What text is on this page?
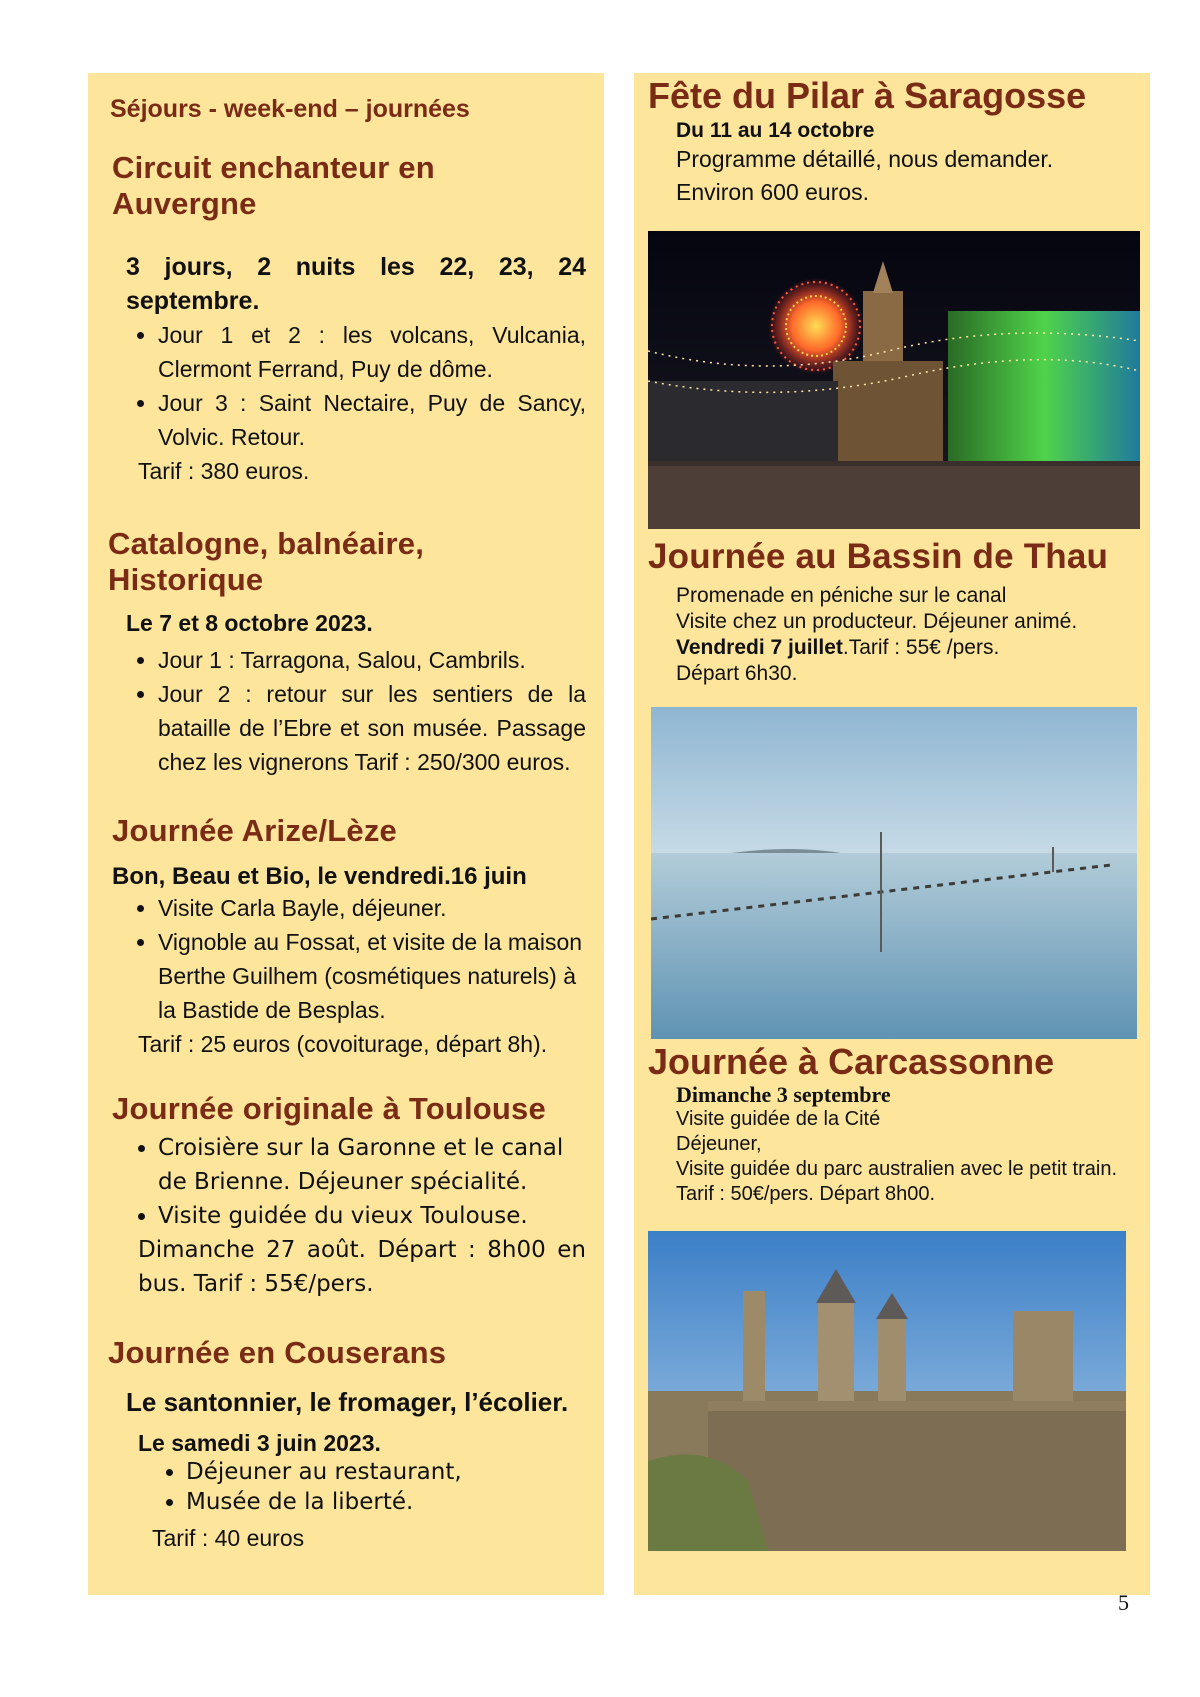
Séjours - week-end – journées

Circuit enchanteur en Auvergne

3 jours, 2 nuits les 22, 23, 24 septembre.

• Jour 1 et 2 : les volcans, Vulcania, Clermont Ferrand, Puy de dôme.
• Jour 3 : Saint Nectaire, Puy de Sancy, Volvic. Retour.

Tarif : 380 euros.

Catalogne, balnéaire, Historique

Le 7 et 8 octobre 2023.

• Jour 1 : Tarragona, Salou, Cambrils.
• Jour 2 : retour sur les sentiers de la bataille de l’Ebre et son musée. Passage chez les vignerons Tarif : 250/300 euros.

Journée Arize/Lèze

Bon, Beau et Bio, le vendredi.16 juin

• Visite Carla Bayle, déjeuner.
• Vignoble au Fossat, et visite de la maison Berthe Guilhem (cosmétiques naturels) à la Bastide de Besplas.

Tarif : 25 euros (covoiturage, départ 8h).

Journée originale à Toulouse

• Croisière sur la Garonne et le canal de Brienne. Déjeuner spécialité.
• Visite guidée du vieux Toulouse.

Dimanche 27 août. Départ : 8h00 en bus. Tarif : 55€/pers.

Journée en Couserans

Le santonnier, le fromager, l’écolier.

Le samedi 3 juin 2023.

• Déjeuner au restaurant,
• Musée de la liberté.

Tarif : 40 euros

Fête du Pilar à Saragosse

Du 11 au 14 octobre

Programme détaillé, nous demander.

Environ 600 euros.

Journée au Bassin de Thau

Promenade en péniche sur le canal

Visite chez un producteur. Déjeuner animé.

Vendredi 7 juillet.Tarif : 55€ /pers.

Départ 6h30.

Journée à Carcassonne

Dimanche 3 septembre

Visite guidée de la Cité

Déjeuner,

Visite guidée du parc australien avec le petit train.

Tarif : 50€/pers. Départ 8h00.

5
